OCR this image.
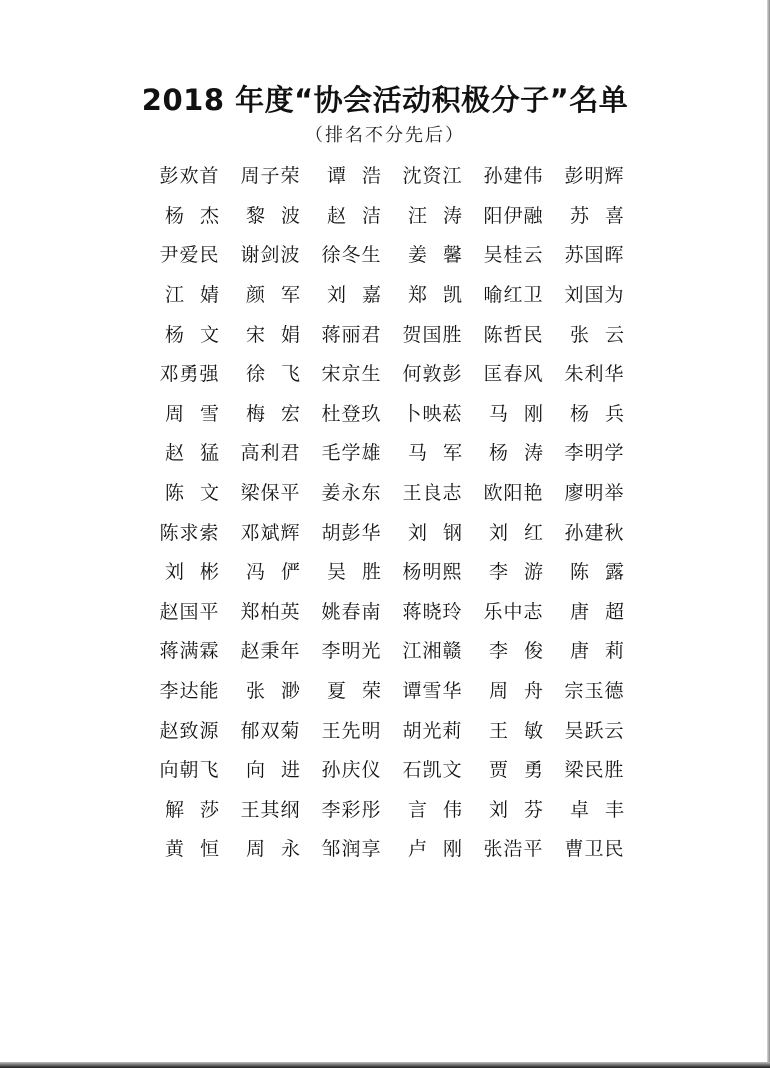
2018 年度“协会活动积极分子”名单
（排名不分先后）
彭欢首	周子荣	谭浩 沈资江	孙建伟	彭明辉
杨杰 黎波 赵洁 汪涛 阳伊融	苏喜
尹爱民	谢剑波	徐冬生	姜馨 吴桂云	苏国晖
江婧 颜军 刘嘉 郑凯 喻红卫	刘国为
杨文 宋娟 蒋丽君	贺国胜	陈哲民	张云
邓勇强	徐飞 宋京生	何敦彭	匡春风	朱利华
周雪 梅宏 杜登玖	卜映菘	马刚 杨兵
赵猛 高利君	毛学雄	马军 杨涛 李明学
陈文 梁保平	姜永东	王良志	欧阳艳	廖明举
陈求索	邓斌辉	胡彭华	刘钢 刘红 孙建秋
刘彬 冯俨 吴胜 杨明熙	李游 陈露
赵国平	郑柏英	姚春南	蒋晓玲	乐中志	唐超
蒋满霖	赵秉年	李明光	江湘赣	李俊 唐莉
李达能	张渺 夏荣 谭雪华	周舟 宗玉德
赵致源	郁双菊	王先明	胡光莉	王敏 吴跃云
向朝飞	向进 孙庆仪	石凯文	贾勇 梁民胜
解莎 王其纲	李彩彤	言伟 刘芬 卓丰
黄恒 周永 邹润享	卢刚 张浩平	曹卫民
